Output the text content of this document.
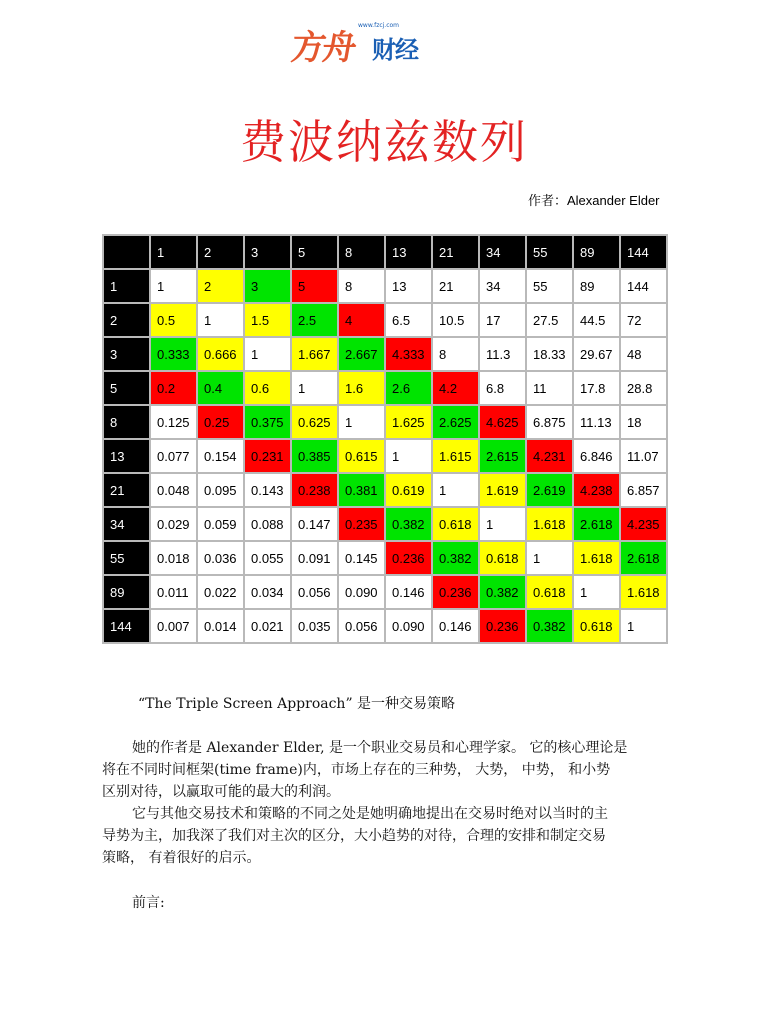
www.fzcj.com
方舟 财经
费波纳兹数列
作者：Alexander Elder
	1	2	3	5	8	13	21	34	55	89	144
1	1	2	3	5	8	13	21	34	55	89	144
2	0.5	1	1.5	2.5	4	6.5	10.5	17	27.5	44.5	72
3	0.333	0.666	1	1.667	2.667	4.333	8	11.3	18.33	29.67	48
5	0.2	0.4	0.6	1	1.6	2.6	4.2	6.8	11	17.8	28.8
8	0.125	0.25	0.375	0.625	1	1.625	2.625	4.625	6.875	11.13	18
13	0.077	0.154	0.231	0.385	0.615	1	1.615	2.615	4.231	6.846	11.07
21	0.048	0.095	0.143	0.238	0.381	0.619	1	1.619	2.619	4.238	6.857
34	0.029	0.059	0.088	0.147	0.235	0.382	0.618	1	1.618	2.618	4.235
55	0.018	0.036	0.055	0.091	0.145	0.236	0.382	0.618	1	1.618	2.618
89	0.011	0.022	0.034	0.056	0.090	0.146	0.236	0.382	0.618	1	1.618
144	0.007	0.014	0.021	0.035	0.056	0.090	0.146	0.236	0.382	0.618	1
“The Triple Screen Approach” 是一种交易策略
她的作者是 Alexander Elder, 是一个职业交易员和心理学家。 它的核心理论是
将在不同时间框架(time frame)内，市场上存在的三种势， 大势， 中势， 和小势
区别对待，以赢取可能的最大的利润。
它与其他交易技术和策略的不同之处是她明确地提出在交易时绝对以当时的主
导势为主，加我深了我们对主次的区分，大小趋势的对待，合理的安排和制定交易
策略， 有着很好的启示。
前言:
